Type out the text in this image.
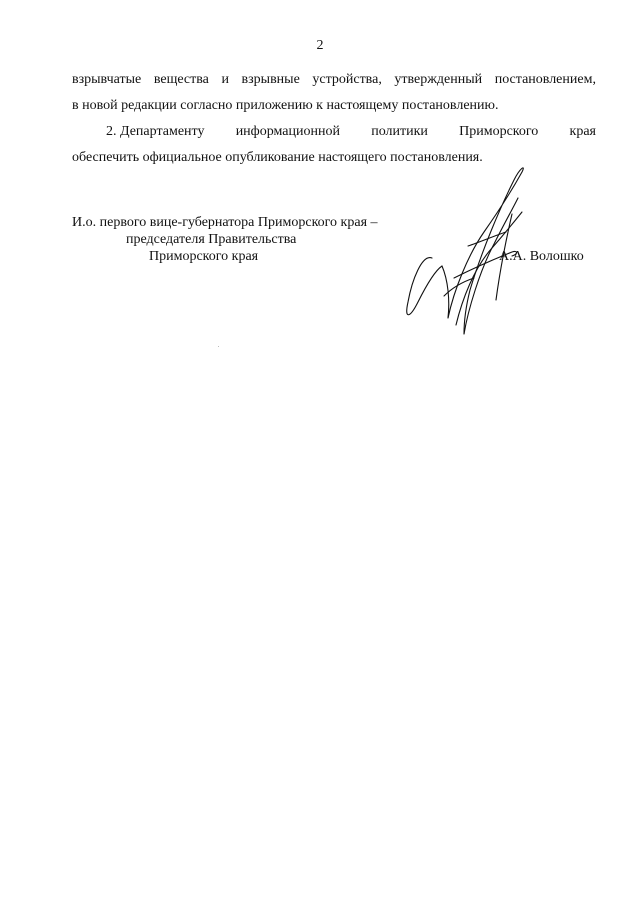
2
взрывчатые вещества и взрывные устройства, утвержденный постановлением,
в новой редакции согласно приложению к настоящему постановлению.
2. Департаменту информационной политики Приморского края
обеспечить официальное опубликование настоящего постановления.
И.о. первого вице-губернатора Приморского края –
председателя Правительства
Приморского края	А.А. Волошко
